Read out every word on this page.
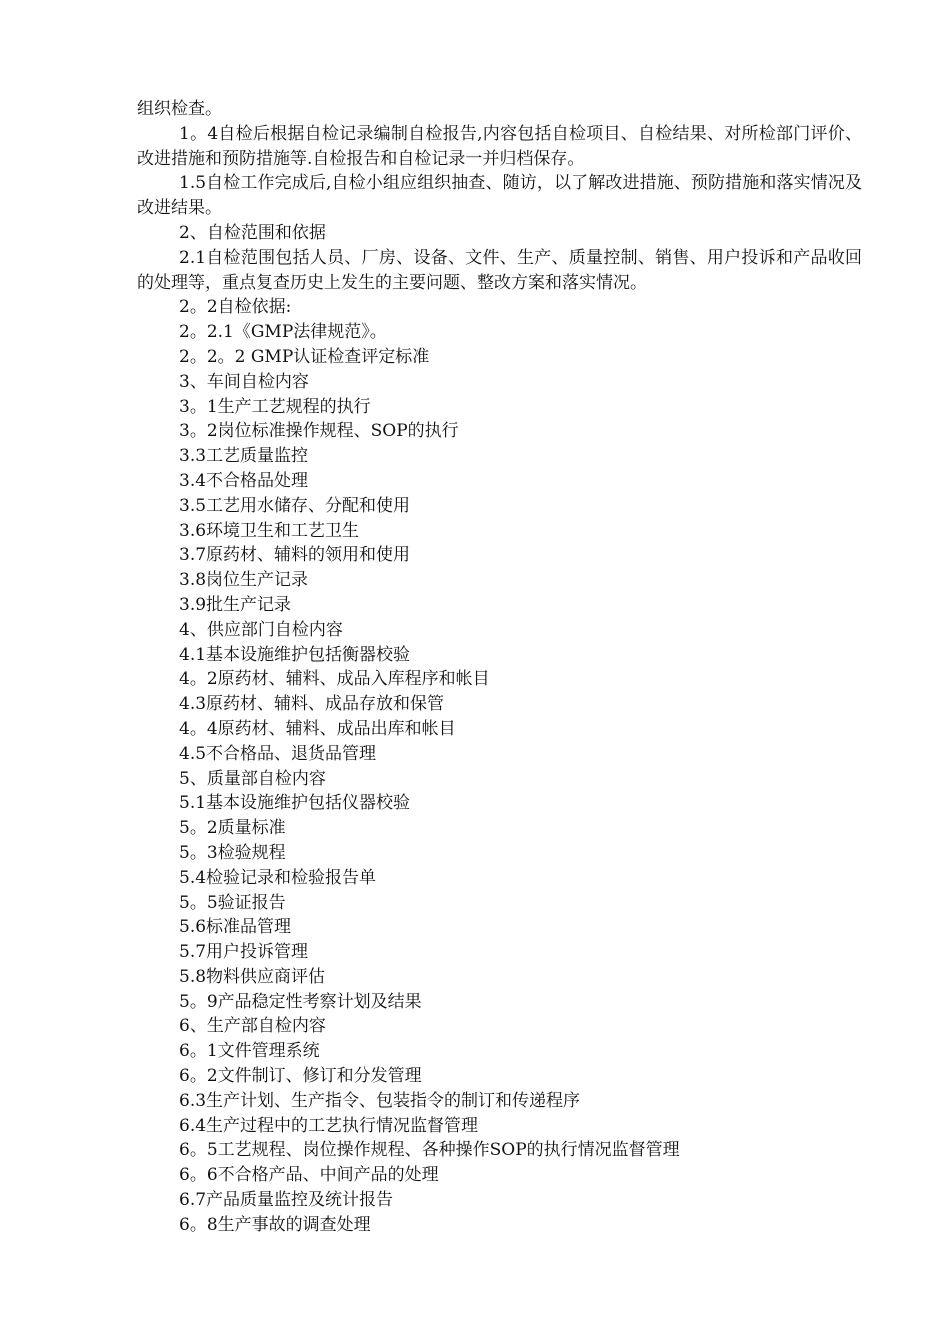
组织检查。

1。4自检后根据自检记录编制自检报告,内容包括自检项目、自检结果、对所检部门评价、改进措施和预防措施等.自检报告和自检记录一并归档保存。

1.5自检工作完成后,自检小组应组织抽查、随访，以了解改进措施、预防措施和落实情况及改进结果。

2、自检范围和依据

2.1自检范围包括人员、厂房、设备、文件、生产、质量控制、销售、用户投诉和产品收回的处理等，重点复查历史上发生的主要问题、整改方案和落实情况。

2。2自检依据:

2。2.1《GMP法律规范》。

2。2。2 GMP认证检查评定标准

3、车间自检内容

3。1生产工艺规程的执行

3。2岗位标准操作规程、SOP的执行

3.3工艺质量监控

3.4不合格品处理

3.5工艺用水储存、分配和使用

3.6环境卫生和工艺卫生

3.7原药材、辅料的领用和使用

3.8岗位生产记录

3.9批生产记录

4、供应部门自检内容

4.1基本设施维护包括衡器校验

4。2原药材、辅料、成品入库程序和帐目

4.3原药材、辅料、成品存放和保管

4。4原药材、辅料、成品出库和帐目

4.5不合格品、退货品管理

5、质量部自检内容

5.1基本设施维护包括仪器校验

5。2质量标准

5。3检验规程

5.4检验记录和检验报告单

5。5验证报告

5.6标准品管理

5.7用户投诉管理

5.8物料供应商评估

5。9产品稳定性考察计划及结果

6、生产部自检内容

6。1文件管理系统

6。2文件制订、修订和分发管理

6.3生产计划、生产指令、包装指令的制订和传递程序

6.4生产过程中的工艺执行情况监督管理

6。5工艺规程、岗位操作规程、各种操作SOP的执行情况监督管理

6。6不合格产品、中间产品的处理

6.7产品质量监控及统计报告

6。8生产事故的调查处理
